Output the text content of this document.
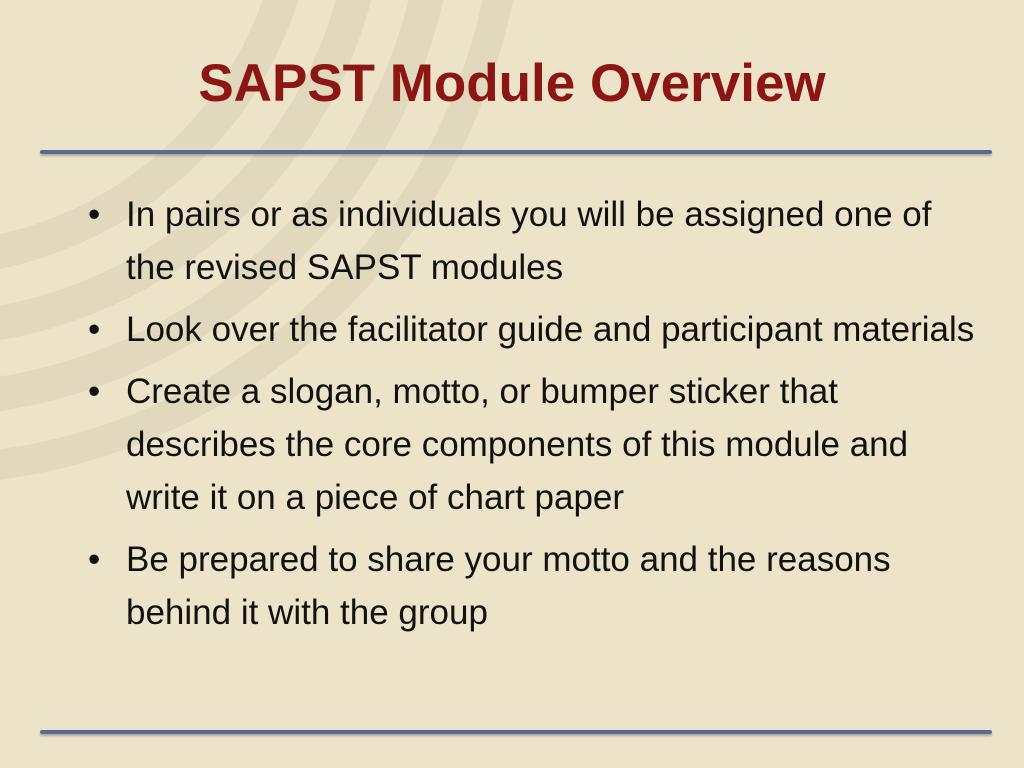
SAPST Module Overview
• In pairs or as individuals you will be assigned one of the revised SAPST modules
• Look over the facilitator guide and participant materials
• Create a slogan, motto, or bumper sticker that describes the core components of this module and write it on a piece of chart paper
• Be prepared to share your motto and the reasons behind it with the group
